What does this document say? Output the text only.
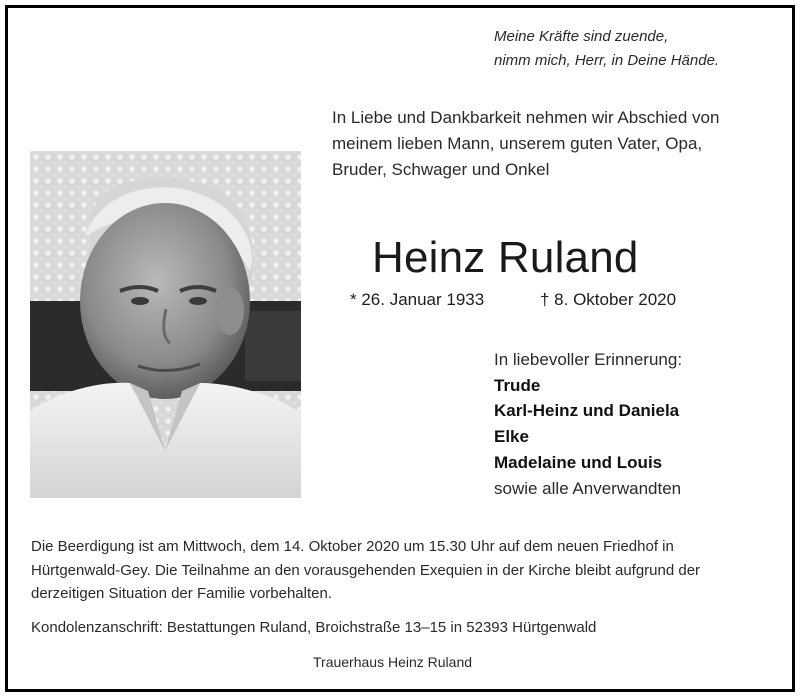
Meine Kräfte sind zuende,
nimm mich, Herr, in Deine Hände.
In Liebe und Dankbarkeit nehmen wir Abschied von
meinem lieben Mann, unserem guten Vater, Opa,
Bruder, Schwager und Onkel
Heinz Ruland
* 26. Januar 1933	† 8. Oktober 2020
In liebevoller Erinnerung:
Trude
Karl-Heinz und Daniela
Elke
Madelaine und Louis
sowie alle Anverwandten
Die Beerdigung ist am Mittwoch, dem 14. Oktober 2020 um 15.30 Uhr auf dem neuen Friedhof in
Hürtgenwald-Gey. Die Teilnahme an den vorausgehenden Exequien in der Kirche bleibt aufgrund der
derzeitigen Situation der Familie vorbehalten.
Kondolenzanschrift: Bestattungen Ruland, Broichstraße 13–15 in 52393 Hürtgenwald
Trauerhaus Heinz Ruland
